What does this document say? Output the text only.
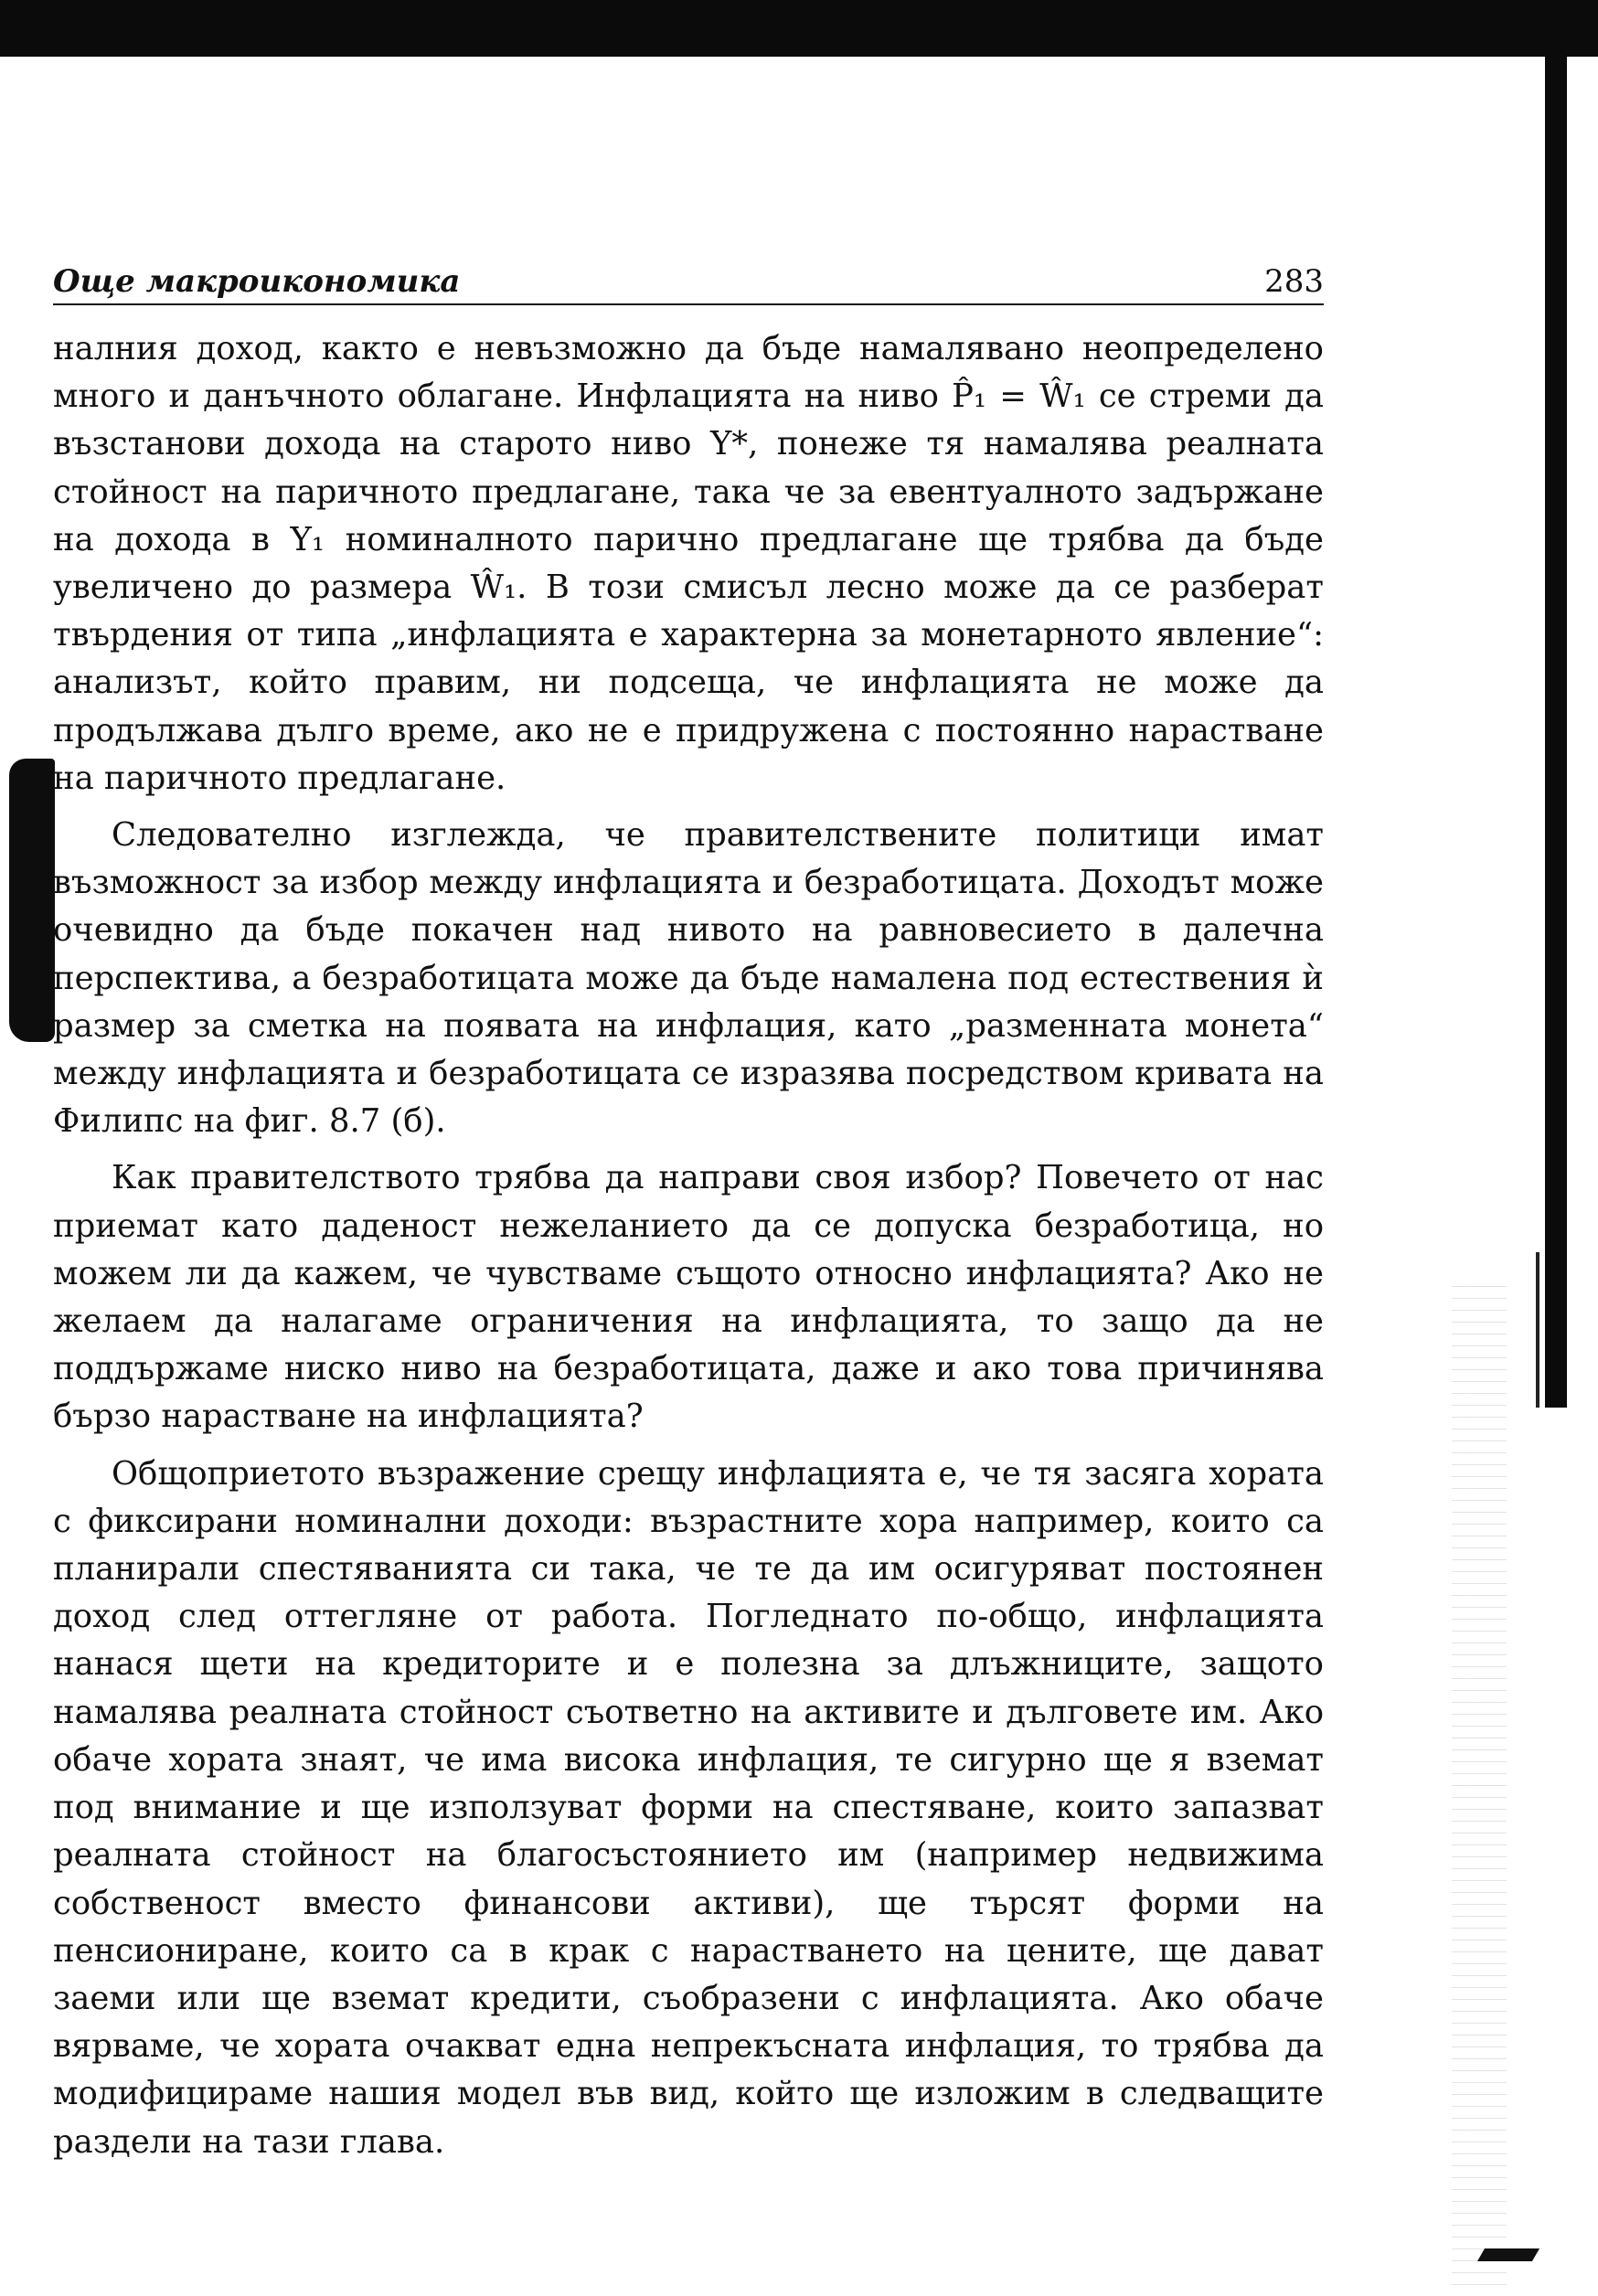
Още макроикономика	283

налния доход, както е невъзможно да бъде намалявано неопределено много и данъчното облагане. Инфлацията на ниво P̂₁ = Ŵ₁ се стреми да възстанови дохода на старото ниво Y*, понеже тя намалява реалната стойност на паричното предлагане, така че за евентуалното задържане на дохода в Y₁ номиналното парично предлагане ще трябва да бъде увеличено до размера Ŵ₁. В този смисъл лесно може да се разберат твърдения от типа „инфлацията е характерна за монетарното явление“: анализът, който правим, ни подсеща, че инфлацията не може да продължава дълго време, ако не е придружена с постоянно нарастване на паричното предлагане.

Следователно изглежда, че правителствените политици имат възможност за избор между инфлацията и безработицата. Доходът може очевидно да бъде покачен над нивото на равновесието в далечна перспектива, а безработицата може да бъде намалена под естествения ѝ размер за сметка на появата на инфлация, като „разменната монета“ между инфлацията и безработицата се изразява посредством кривата на Филипс на фиг. 8.7 (б).

Как правителството трябва да направи своя избор? Повечето от нас приемат като даденост нежеланието да се допуска безработица, но можем ли да кажем, че чувстваме същото относно инфлацията? Ако не желаем да налагаме ограничения на инфлацията, то защо да не поддържаме ниско ниво на безработицата, даже и ако това причинява бързо нарастване на инфлацията?

Общоприетото възражение срещу инфлацията е, че тя засяга хората с фиксирани номинални доходи: възрастните хора например, които са планирали спестяванията си така, че те да им осигуряват постоянен доход след оттегляне от работа. Погледнато по-общо, инфлацията нанася щети на кредиторите и е полезна за длъжниците, защото намалява реалната стойност съответно на активите и дълговете им. Ако обаче хората знаят, че има висока инфлация, те сигурно ще я вземат под внимание и ще използуват форми на спестяване, които запазват реалната стойност на благосъстоянието им (например недвижима собственост вместо финансови активи), ще търсят форми на пенсиониране, които са в крак с нарастването на цените, ще дават заеми или ще вземат кредити, съобразени с инфлацията. Ако обаче вярваме, че хората очакват една непрекъсната инфлация, то трябва да модифицираме нашия модел във вид, който ще изложим в следващите раздели на тази глава.
